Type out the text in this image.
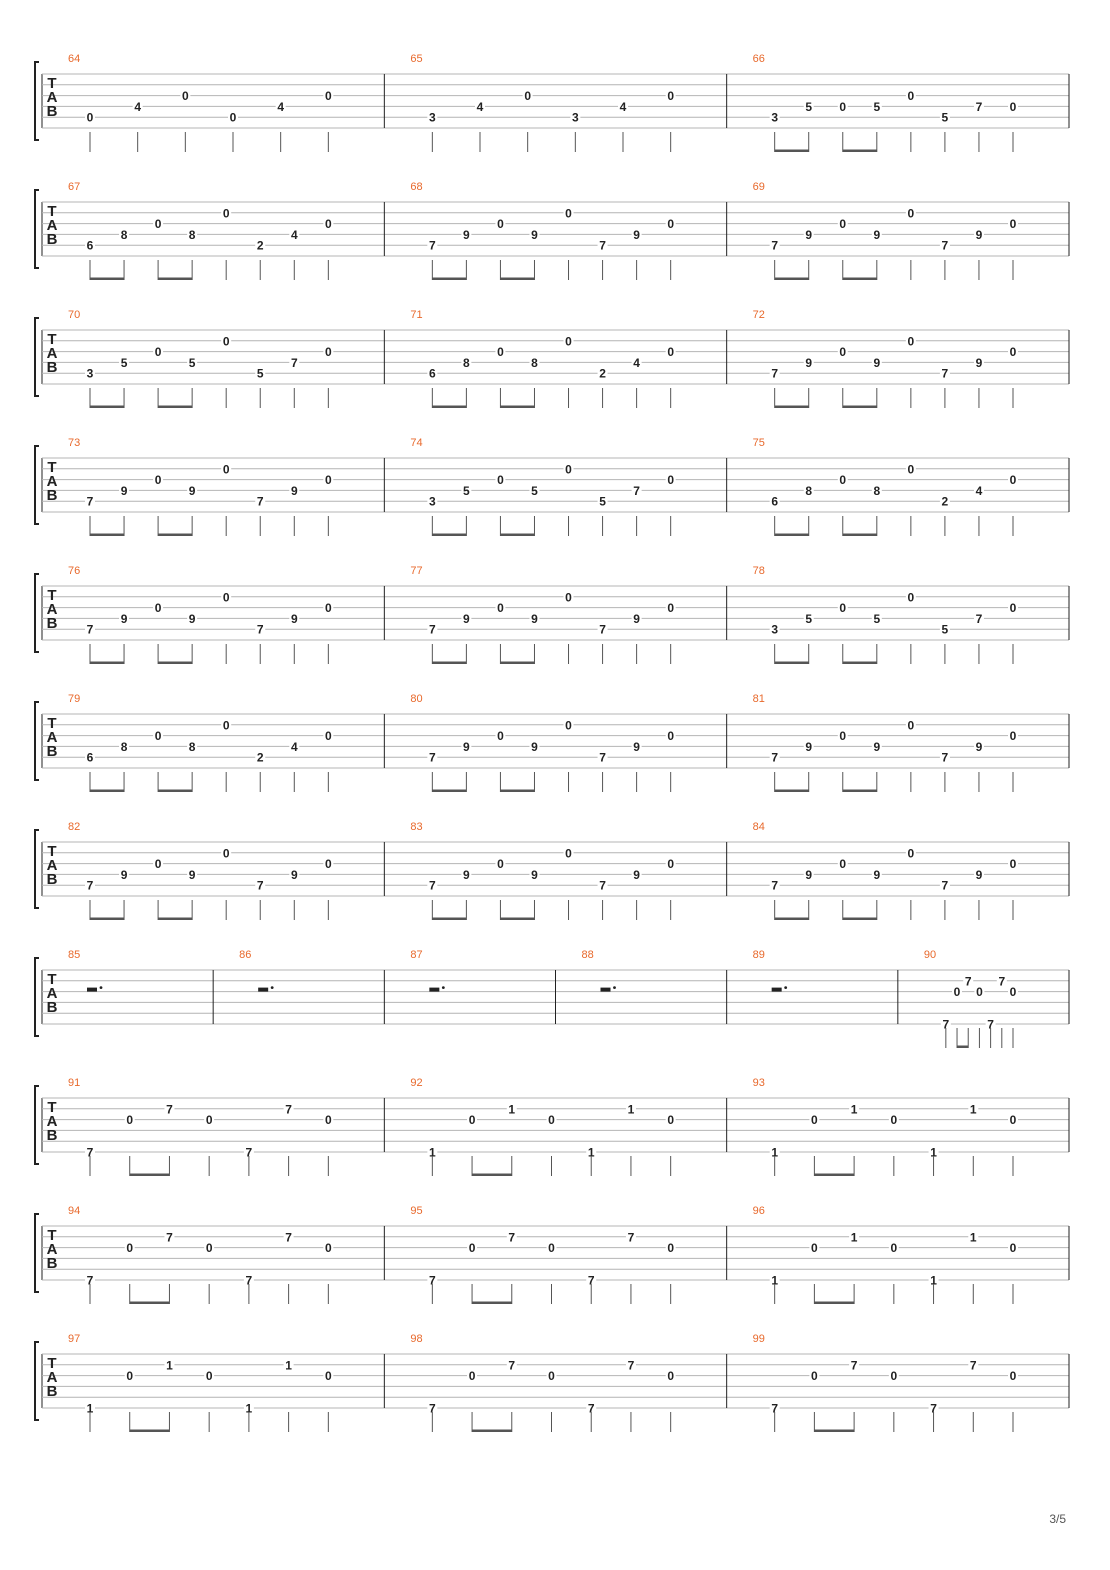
T
A
B
64
0
4
0
0
4
0
65
3
4
0
3
4
0
66
3
5 0 5
0
5
7 0
T
A
B
67
6
8
0
8
0
2
4
0
68
7
9
0
9
0
7
9
0
69
7
9
0
9
0
7
9
0
T
A
B
70
3
5
0
5
0
5
7
0
71
6
8
0
8
0
2
4
0
72
7
9
0
9
0
7
9
0
T
A
B
73
7
9
0
9
0
7
9
0
74
3
5
0
5
0
5
7
0
75
6
8
0
8
0
2
4
0
T
A
B
76
7
9
0
9
0
7
9
0
77
7
9
0
9
0
7
9
0
78
3
5
0
5
0
5
7
0
T
A
B
79
6
8
0
8
0
2
4
0
80
7
9
0
9
0
7
9
0
81
7
9
0
9
0
7
9
0
T
A
B
82
7
9
0
9
0
7
9
0
83
7
9
0
9
0
7
9
0
84
7
9
0
9
0
7
9
0
T
A
B
85	86	87	88	89	90
7
0
7
0
7
7
0
T
A
B
91
7
0
7
0
7
7
0
92
1
0
1
0
1
1
0
93
1
0
1
0
1
1
0
T
A
B
94
7
0
7
0
7
7
0
95
7
0
7
0
7
7
0
96
1
0
1
0
1
1
0
T
A
B
97
1
0
1
0
1
1
0
98
7
0
7
0
7
7
0
99
7
0
7
0
7
7
0
3/5
